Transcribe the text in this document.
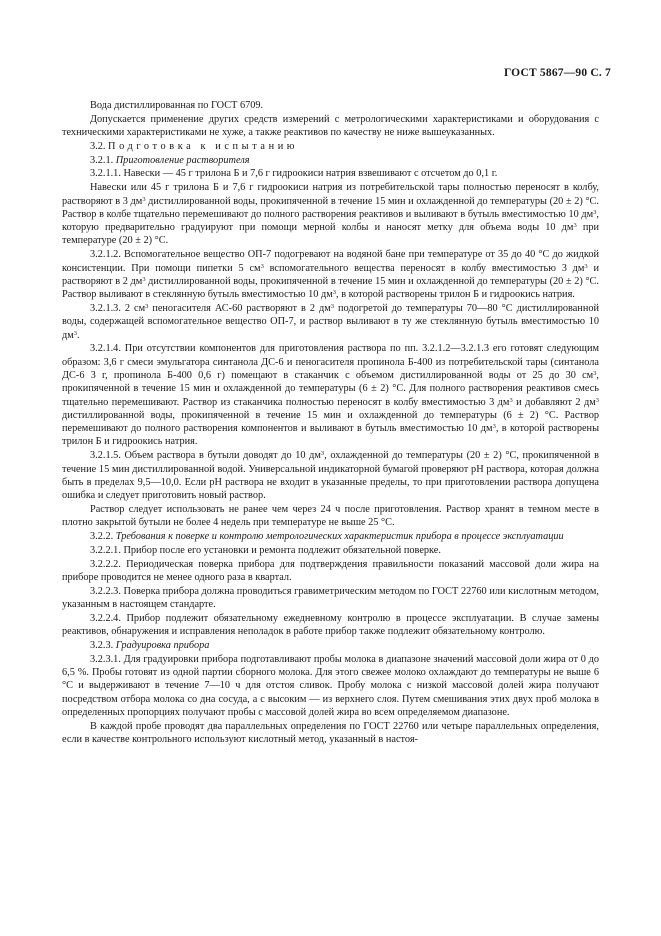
ГОСТ 5867—90 С. 7

Вода дистиллированная по ГОСТ 6709.

Допускается применение других средств измерений с метрологическими характеристиками и оборудования с техническими характеристиками не хуже, а также реактивов по качеству не ниже вышеуказанных.

3.2. Подготовка к испытанию

3.2.1. Приготовление растворителя

3.2.1.1. Навески — 45 г трилона Б и 7,6 г гидроокиси натрия взвешивают с отсчетом до 0,1 г.

Навески или 45 г трилона Б и 7,6 г гидроокиси натрия из потребительской тары полностью переносят в колбу, растворяют в 3 $дм^3$ дистиллированной воды, прокипяченной в течение 15 мин и охлажденной до температуры (20 ± 2) °С. Раствор в колбе тщательно перемешивают до полного растворения реактивов и выливают в бутыль вместимостью 10 $дм^3$, которую предварительно градуируют при помощи мерной колбы и наносят метку для объема воды 10 $дм^3$ при температуре (20 ± 2) °С.

3.2.1.2. Вспомогательное вещество ОП-7 подогревают на водяной бане при температуре от 35 до 40 °С до жидкой консистенции. При помощи пипетки 5 $см^3$ вспомогательного вещества переносят в колбу вместимостью 3 $дм^3$ и растворяют в 2 $дм^3$ дистиллированной воды, прокипяченной в течение 15 мин и охлажденной до температуры (20 ± 2) °С. Раствор выливают в стеклянную бутыль вместимостью 10 $дм^3$, в которой растворены трилон Б и гидроокись натрия.

3.2.1.3. 2 $см^3$ пеногасителя АС-60 растворяют в 2 $дм^3$ подогретой до температуры 70—80 °С дистиллированной воды, содержащей вспомогательное вещество ОП-7, и раствор выливают в ту же стеклянную бутыль вместимостью 10 $дм^3$.

3.2.1.4. При отсутствии компонентов для приготовления раствора по пп. 3.2.1.2—3.2.1.3 его готовят следующим образом: 3,6 г смеси эмульгатора синтанола ДС-6 и пеногасителя пропинола Б-400 из потребительской тары (синтанола ДС-6 3 г, пропинола Б-400 0,6 г) помещают в стаканчик с объемом дистиллированной воды от 25 до 30 $см^3$, прокипяченной в течение 15 мин и охлажденной до температуры (6 ± 2) °С. Для полного растворения реактивов смесь тщательно перемешивают. Раствор из стаканчика полностью переносят в колбу вместимостью 3 $дм^3$ и добавляют 2 $дм^3$ дистиллированной воды, прокипяченной в течение 15 мин и охлажденной до температуры (6 ± 2) °С. Раствор перемешивают до полного растворения компонентов и выливают в бутыль вместимостью 10 $дм^3$, в которой растворены трилон Б и гидроокись натрия.

3.2.1.5. Объем раствора в бутыли доводят до 10 $дм^3$, охлажденной до температуры (20 ± 2) °С, прокипяченной в течение 15 мин дистиллированной водой. Универсальной индикаторной бумагой проверяют рН раствора, которая должна быть в пределах 9,5—10,0. Если рН раствора не входит в указанные пределы, то при приготовлении раствора допущена ошибка и следует приготовить новый раствор.

Раствор следует использовать не ранее чем через 24 ч после приготовления. Раствор хранят в темном месте в плотно закрытой бутыли не более 4 недель при температуре не выше 25 °С.

3.2.2. Требования к поверке и контролю метрологических характеристик прибора в процессе эксплуатации

3.2.2.1. Прибор после его установки и ремонта подлежит обязательной поверке.

3.2.2.2. Периодическая поверка прибора для подтверждения правильности показаний массовой доли жира на приборе проводится не менее одного раза в квартал.

3.2.2.3. Поверка прибора должна проводиться гравиметрическим методом по ГОСТ 22760 или кислотным методом, указанным в настоящем стандарте.

3.2.2.4. Прибор подлежит обязательному ежедневному контролю в процессе эксплуатации. В случае замены реактивов, обнаружения и исправления неполадок в работе прибор также подлежит обязательному контролю.

3.2.3. Градуировка прибора

3.2.3.1. Для градуировки прибора подготавливают пробы молока в диапазоне значений массовой доли жира от 0 до 6,5 %. Пробы готовят из одной партии сборного молока. Для этого свежее молоко охлаждают до температуры не выше 6 °С и выдерживают в течение 7—10 ч для отстоя сливок. Пробу молока с низкой массовой долей жира получают посредством отбора молока со дна сосуда, а с высоким — из верхнего слоя. Путем смешивания этих двух проб молока в определенных пропорциях получают пробы с массовой долей жира во всем определяемом диапазоне.

В каждой пробе проводят два параллельных определения по ГОСТ 22760 или четыре параллельных определения, если в качестве контрольного используют кислотный метод, указанный в настоя-
